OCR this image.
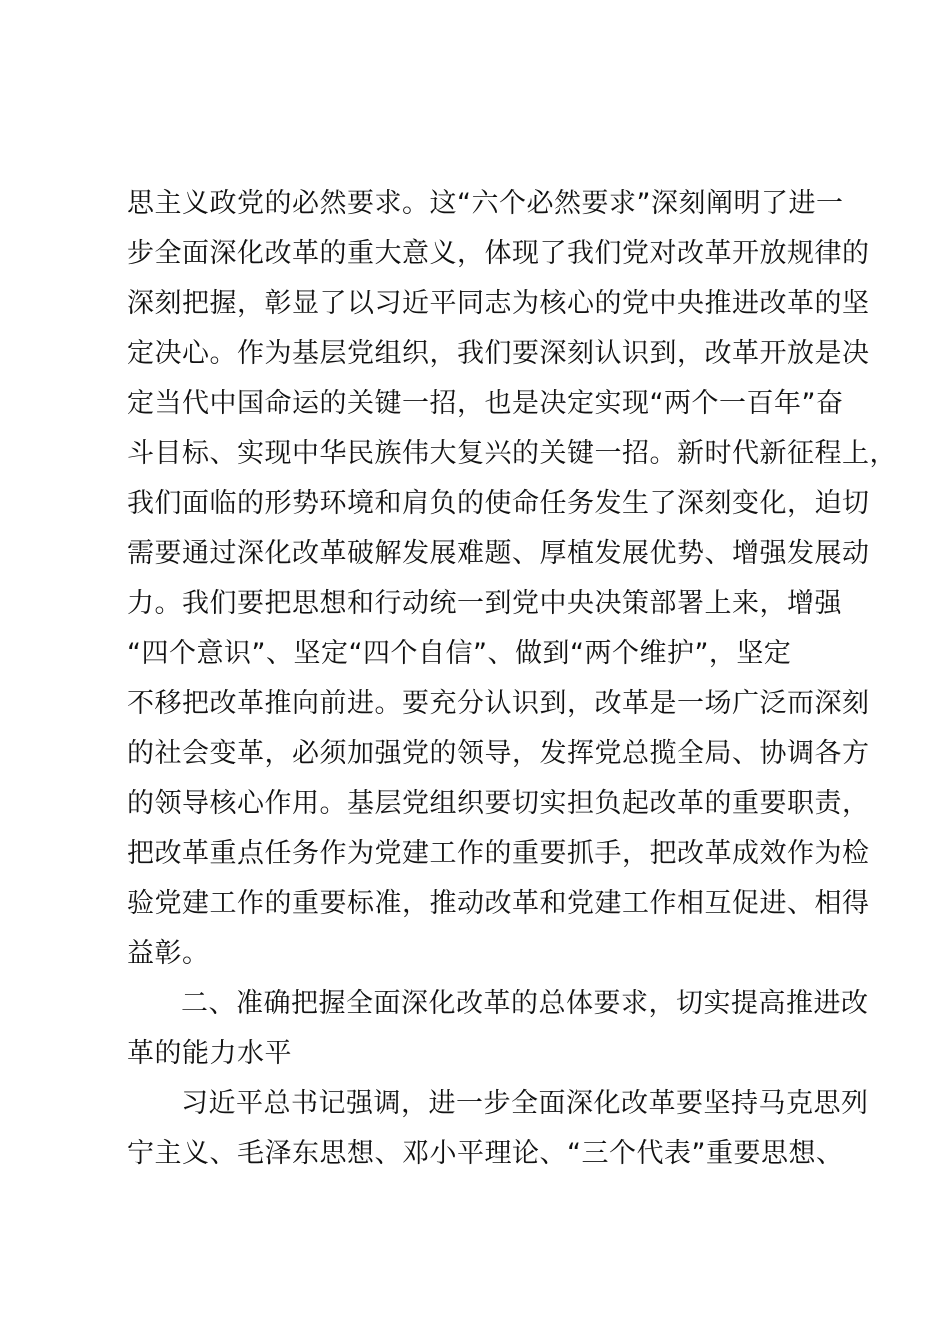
思主义政党的必然要求。这“六个必然要求”深刻阐明了进一
步全面深化改革的重大意义，体现了我们党对改革开放规律的
深刻把握，彰显了以习近平同志为核心的党中央推进改革的坚
定决心。作为基层党组织，我们要深刻认识到，改革开放是决
定当代中国命运的关键一招，也是决定实现“两个一百年”奋
斗目标、实现中华民族伟大复兴的关键一招。新时代新征程上，
我们面临的形势环境和肩负的使命任务发生了深刻变化，迫切
需要通过深化改革破解发展难题、厚植发展优势、增强发展动
力。我们要把思想和行动统一到党中央决策部署上来，增强
“四个意识”、坚定“四个自信”、做到“两个维护”，坚定
不移把改革推向前进。要充分认识到，改革是一场广泛而深刻
的社会变革，必须加强党的领导，发挥党总揽全局、协调各方
的领导核心作用。基层党组织要切实担负起改革的重要职责，
把改革重点任务作为党建工作的重要抓手，把改革成效作为检
验党建工作的重要标准，推动改革和党建工作相互促进、相得
益彰。
二、准确把握全面深化改革的总体要求，切实提高推进改
革的能力水平
习近平总书记强调，进一步全面深化改革要坚持马克思列
宁主义、毛泽东思想、邓小平理论、“三个代表”重要思想、
